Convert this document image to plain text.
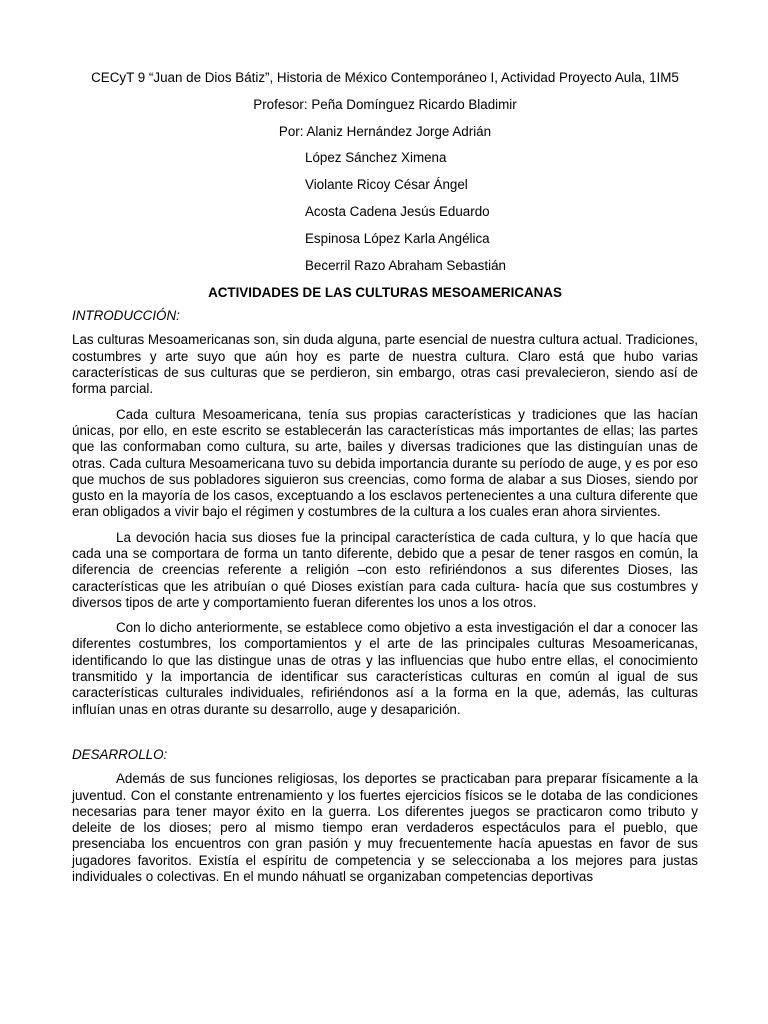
CECyT 9 “Juan de Dios Bátiz”, Historia de México Contemporáneo I, Actividad Proyecto Aula, 1IM5

Profesor: Peña Domínguez Ricardo Bladimir

Por: Alaniz Hernández Jorge Adrián

López Sánchez Ximena
Violante Ricoy César Ángel
Acosta Cadena Jesús Eduardo
Espinosa López Karla Angélica
Becerril Razo Abraham Sebastián

ACTIVIDADES DE LAS CULTURAS MESOAMERICANAS

INTRODUCCIÓN:

Las culturas Mesoamericanas son, sin duda alguna, parte esencial de nuestra cultura actual. Tradiciones, costumbres y arte suyo que aún hoy es parte de nuestra cultura. Claro está que hubo varias características de sus culturas que se perdieron, sin embargo, otras casi prevalecieron, siendo así de forma parcial.

Cada cultura Mesoamericana, tenía sus propias características y tradiciones que las hacían únicas, por ello, en este escrito se establecerán las características más importantes de ellas; las partes que las conformaban como cultura, su arte, bailes y diversas tradiciones que las distinguían unas de otras. Cada cultura Mesoamericana tuvo su debida importancia durante su período de auge, y es por eso que muchos de sus pobladores siguieron sus creencias, como forma de alabar a sus Dioses, siendo por gusto en la mayoría de los casos, exceptuando a los esclavos pertenecientes a una cultura diferente que eran obligados a vivir bajo el régimen y costumbres de la cultura a los cuales eran ahora sirvientes.

La devoción hacia sus dioses fue la principal característica de cada cultura, y lo que hacía que cada una se comportara de forma un tanto diferente, debido que a pesar de tener rasgos en común, la diferencia de creencias referente a religión –con esto refiriéndonos a sus diferentes Dioses, las características que les atribuían o qué Dioses existían para cada cultura- hacía que sus costumbres y diversos tipos de arte y comportamiento fueran diferentes los unos a los otros.

Con lo dicho anteriormente, se establece como objetivo a esta investigación el dar a conocer las diferentes costumbres, los comportamientos y el arte de las principales culturas Mesoamericanas, identificando lo que las distingue unas de otras y las influencias que hubo entre ellas, el conocimiento transmitido y la importancia de identificar sus características culturas en común al igual de sus características culturales individuales, refiriéndonos así a la forma en la que, además, las culturas influían unas en otras durante su desarrollo, auge y desaparición.

DESARROLLO:

Además de sus funciones religiosas, los deportes se practicaban para preparar físicamente a la juventud. Con el constante entrenamiento y los fuertes ejercicios físicos se le dotaba de las condiciones necesarias para tener mayor éxito en la guerra. Los diferentes juegos se practicaron como tributo y deleite de los dioses; pero al mismo tiempo eran verdaderos espectáculos para el pueblo, que presenciaba los encuentros con gran pasión y muy frecuentemente hacía apuestas en favor de sus jugadores favoritos. Existía el espíritu de competencia y se seleccionaba a los mejores para justas individuales o colectivas. En el mundo náhuatl se organizaban competencias deportivas
